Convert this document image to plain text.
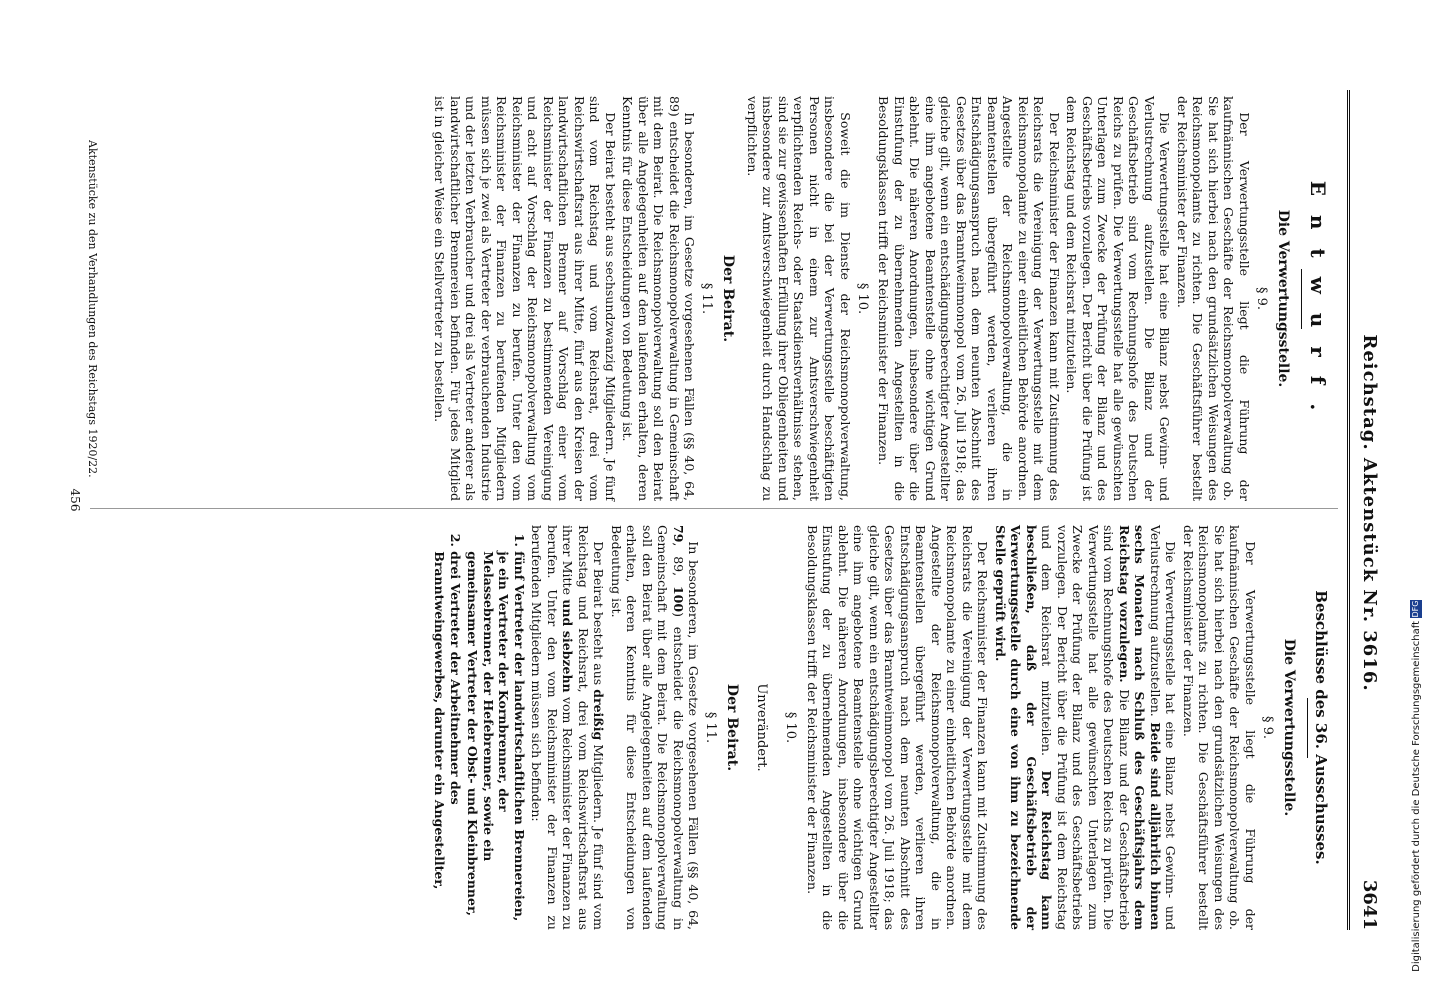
Reichstag. Aktenstück Nr. 3616.
3641
E n t w u r f .
Die Verwertungsstelle.
§ 9.

Der Verwertungsstelle liegt die Führung der kaufmännischen Geschäfte der Reichsmonopolverwaltung ob. Sie hat sich hierbei nach den grundsätzlichen Weisungen des Reichsmonopolamts zu richten. Die Geschäftsführer bestellt der Reichsminister der Finanzen.

Die Verwertungsstelle hat eine Bilanz nebst Gewinn- und Verlustrechnung aufzustellen. Die Bilanz und der Geschäftsbetrieb sind vom Rechnungshofe des Deutschen Reichs zu prüfen. Die Verwertungsstelle hat alle gewünschten Unterlagen zum Zwecke der Prüfung der Bilanz und des Geschäftsbetriebs vorzulegen. Der Bericht über die Prüfung ist dem Reichstag und dem Reichsrat mitzuteilen.

Der Reichsminister der Finanzen kann mit Zustimmung des Reichsrats die Vereinigung der Verwertungsstelle mit dem Reichsmonopolamte zu einer einheitlichen Behörde anordnen. Angestellte der Reichsmonopolverwaltung, die in Beamtenstellen übergeführt werden, verlieren ihren Entschädigungsanspruch nach dem neunten Abschnitt des Gesetzes über das Branntweinmonopol vom 26. Juli 1918; das gleiche gilt, wenn ein entschädigungsberechtigter Angestellter eine ihm angebotene Beamtenstelle ohne wichtigen Grund ablehnt. Die näheren Anordnungen, insbesondere über die Einstufung der zu übernehmenden Angestellten in die Besoldungsklassen trifft der Reichsminister der Finanzen.

§ 10.

Soweit die im Dienste der Reichsmonopolverwaltung, insbesondere die bei der Verwertungsstelle beschäftigten Personen nicht in einem zur Amtsverschwiegenheit verpflichtenden Reichs- oder Staatsdienstverhältnisse stehen, sind sie zur gewissenhaften Erfüllung ihrer Obliegenheiten und insbesondere zur Amtsverschwiegenheit durch Handschlag zu verpflichten.

Der Beirat.
§ 11.

In besonderen, im Gesetze vorgesehenen Fällen (§§ 40, 64, 89) entscheidet die Reichsmonopolverwaltung in Gemeinschaft mit dem Beirat. Die Reichsmonopolverwaltung soll den Beirat über alle Angelegenheiten auf dem laufenden erhalten, deren Kenntnis für diese Entscheidungen von Bedeutung ist.

Der Beirat besteht aus sechsundzwanzig Mitgliedern. Je fünf sind vom Reichstag und vom Reichsrat, drei vom Reichswirtschaftsrat aus ihrer Mitte, fünf aus den Kreisen der landwirtschaftlichen Brenner auf Vorschlag einer vom Reichsminister der Finanzen zu bestimmenden Vereinigung und acht auf Vorschlag der Reichsmonopolverwaltung vom Reichsminister der Finanzen zu berufen. Unter den vom Reichsminister der Finanzen zu berufenden Mitgliedern müssen sich je zwei als Vertreter der verbrauchenden Industrie und der letzten Verbraucher und drei als Vertreter anderer als landwirtschaftlicher Brennereien befinden. Für jedes Mitglied ist in gleicher Weise ein Stellvertreter zu bestellen.

Beschlüsse des 36. Ausschusses.
Die Verwertungsstelle.
§ 9.

Der Verwertungsstelle liegt die Führung der kaufmännischen Geschäfte der Reichsmonopolverwaltung ob. Sie hat sich hierbei nach den grundsätzlichen Weisungen des Reichsmonopolamts zu richten. Die Geschäftsführer bestellt der Reichsminister der Finanzen.

Die Verwertungsstelle hat eine Bilanz nebst Gewinn- und Verlustrechnung aufzustellen. Beide sind alljährlich binnen sechs Monaten nach Schluß des Geschäftsjahrs dem Reichstag vorzulegen. Die Bilanz und der Geschäftsbetrieb sind vom Rechnungshofe des Deutschen Reichs zu prüfen. Die Verwertungsstelle hat alle gewünschten Unterlagen zum Zwecke der Prüfung der Bilanz und des Geschäftsbetriebs vorzulegen. Der Bericht über die Prüfung ist dem Reichstag und dem Reichsrat mitzuteilen. Der Reichstag kann beschließen, daß der Geschäftsbetrieb der Verwertungsstelle durch eine von ihm zu bezeichnende Stelle geprüft wird.

Der Reichsminister der Finanzen kann mit Zustimmung des Reichsrats die Vereinigung der Verwertungsstelle mit dem Reichsmonopolamte zu einer einheitlichen Behörde anordnen. Angestellte der Reichsmonopolverwaltung, die in Beamtenstellen übergeführt werden, verlieren ihren Entschädigungsanspruch nach dem neunten Abschnitt des Gesetzes über das Branntweinmonopol vom 26. Juli 1918; das gleiche gilt, wenn ein entschädigungsberechtigter Angestellter eine ihm angebotene Beamtenstelle ohne wichtigen Grund ablehnt. Die näheren Anordnungen, insbesondere über die Einstufung der zu übernehmenden Angestellten in die Besoldungsklassen trifft der Reichsminister der Finanzen.

§ 10.
Unverändert.
Der Beirat.
§ 11.

In besonderen, im Gesetze vorgesehenen Fällen (§§ 40, 64, 79, 89, 100) entscheidet die Reichsmonopolverwaltung in Gemeinschaft mit dem Beirat. Die Reichsmonopolverwaltung soll den Beirat über alle Angelegenheiten auf dem laufenden erhalten, deren Kenntnis für diese Entscheidungen von Bedeutung ist.

Der Beirat besteht aus dreißig Mitgliedern. Je fünf sind vom Reichstag und Reichsrat, drei vom Reichswirtschaftsrat aus ihrer Mitte und siebzehn vom Reichsminister der Finanzen zu berufen. Unter den vom Reichsminister der Finanzen zu berufenden Mitgliedern müssen sich befinden:

1. fünf Vertreter der landwirtschaftlichen Brennereien, je ein Vertreter der Kornbrenner, der Melassebrenner, der Hefebrenner, sowie ein gemeinsamer Vertreter der Obst- und Kleinbrenner,
2. drei Vertreter der Arbeitnehmer des Branntweingewerbes, darunter ein Angestellter,
Aktenstücke zu den Verhandlungen des Reichstags 1920/22.
456
Digitalisierung gefördert durch die Deutsche ForschungsgemeinschaftDFG
